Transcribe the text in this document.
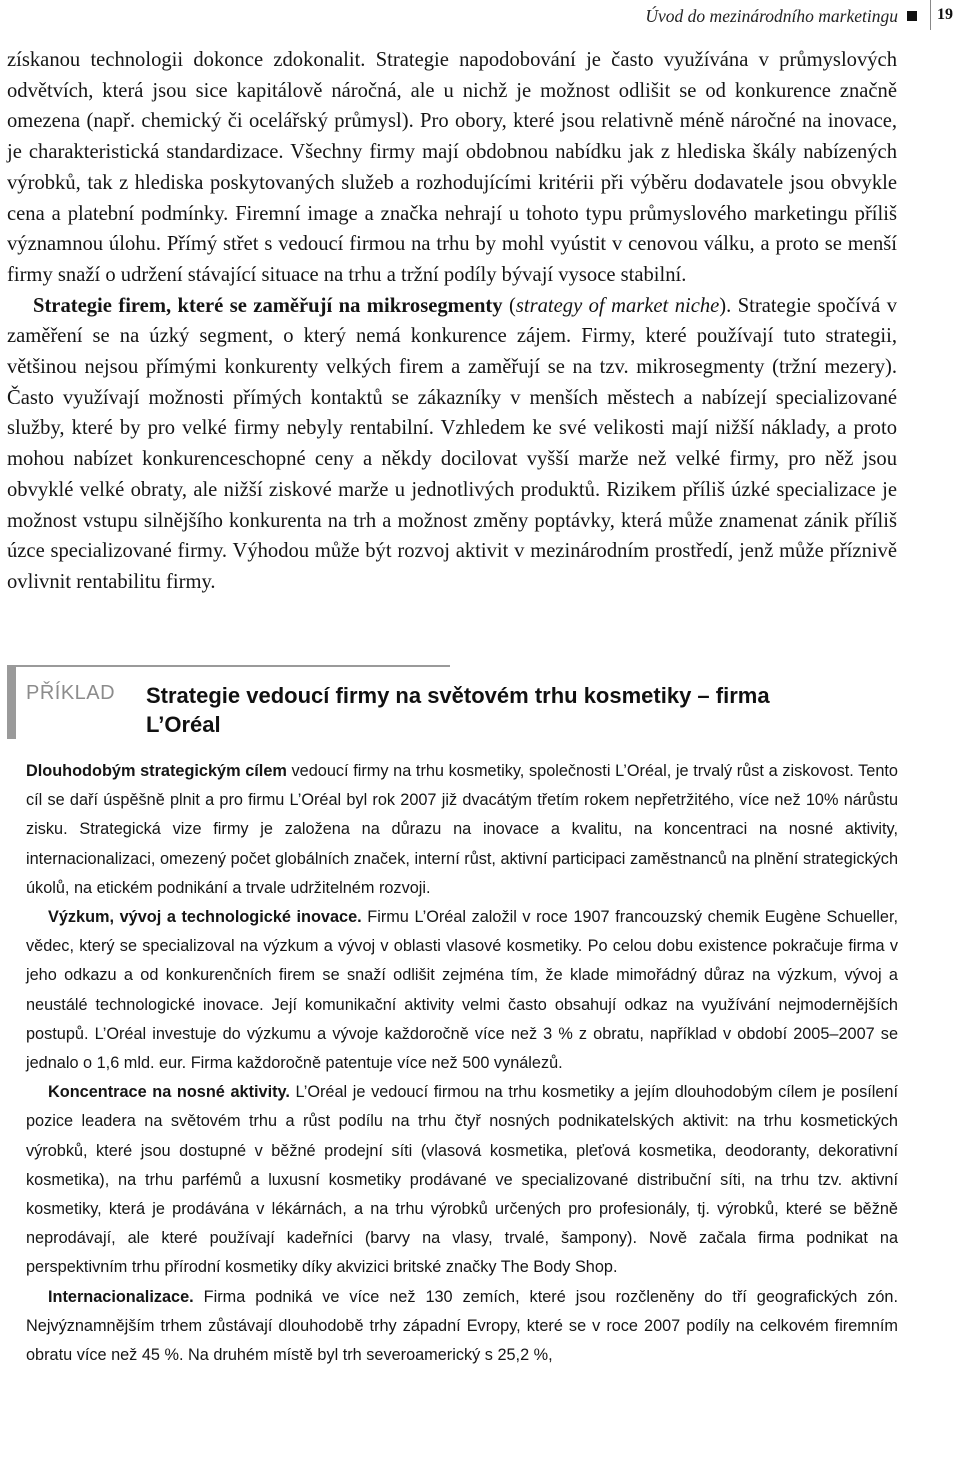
Úvod do mezinárodního marketingu 19

získanou technologii dokonce zdokonalit. Strategie napodobování je často využívána v průmyslových odvětvích, která jsou sice kapitálově náročná, ale u nichž je možnost odlišit se od konkurence značně omezena (např. chemický či ocelářský průmysl). Pro obory, které jsou relativně méně náročné na inovace, je charakteristická standardizace. Všechny firmy mají obdobnou nabídku jak z hlediska škály nabízených výrobků, tak z hlediska poskytovaných služeb a rozhodujícími kritérii při výběru dodavatele jsou obvykle cena a platební podmínky. Firemní image a značka nehrají u tohoto typu průmyslového marketingu příliš významnou úlohu. Přímý střet s vedoucí firmou na trhu by mohl vyústit v cenovou válku, a proto se menší firmy snaží o udržení stávající situace na trhu a tržní podíly bývají vysoce stabilní.

Strategie firem, které se zaměřují na mikrosegmenty (strategy of market niche). Strategie spočívá v zaměření se na úzký segment, o který nemá konkurence zájem. Firmy, které používají tuto strategii, většinou nejsou přímými konkurenty velkých firem a zaměřují se na tzv. mikrosegmenty (tržní mezery). Často využívají možnosti přímých kontaktů se zákazníky v menších městech a nabízejí specializované služby, které by pro velké firmy nebyly rentabilní. Vzhledem ke své velikosti mají nižší náklady, a proto mohou nabízet konkurenceschopné ceny a někdy docilovat vyšší marže než velké firmy, pro něž jsou obvyklé velké obraty, ale nižší ziskové marže u jednotlivých produktů. Rizikem příliš úzké specializace je možnost vstupu silnějšího konkurenta na trh a možnost změny poptávky, která může znamenat zánik příliš úzce specializované firmy. Výhodou může být rozvoj aktivit v mezinárodním prostředí, jenž může příznivě ovlivnit rentabilitu firmy.

PŘÍKLAD Strategie vedoucí firmy na světovém trhu kosmetiky – firma L’Oréal

Dlouhodobým strategickým cílem vedoucí firmy na trhu kosmetiky, společnosti L’Oréal, je trvalý růst a ziskovost. Tento cíl se daří úspěšně plnit a pro firmu L’Oréal byl rok 2007 již dvacátým třetím rokem nepřetržitého, více než 10% nárůstu zisku. Strategická vize firmy je založena na důrazu na inovace a kvalitu, na koncentraci na nosné aktivity, internacionalizaci, omezený počet globálních značek, interní růst, aktivní participaci zaměstnanců na plnění strategických úkolů, na etickém podnikání a trvale udržitelném rozvoji.

Výzkum, vývoj a technologické inovace. Firmu L’Oréal založil v roce 1907 francouzský chemik Eugène Schueller, vědec, který se specializoval na výzkum a vývoj v oblasti vlasové kosmetiky. Po celou dobu existence pokračuje firma v jeho odkazu a od konkurenčních firem se snaží odlišit zejména tím, že klade mimořádný důraz na výzkum, vývoj a neustálé technologické inovace. Její komunikační aktivity velmi často obsahují odkaz na využívání nejmodernějších postupů. L’Oréal investuje do výzkumu a vývoje každoročně více než 3 % z obratu, například v období 2005–2007 se jednalo o 1,6 mld. eur. Firma každoročně patentuje více než 500 vynálezů.

Koncentrace na nosné aktivity. L’Oréal je vedoucí firmou na trhu kosmetiky a jejím dlouhodobým cílem je posílení pozice leadera na světovém trhu a růst podílu na trhu čtyř nosných podnikatelských aktivit: na trhu kosmetických výrobků, které jsou dostupné v běžné prodejní síti (vlasová kosmetika, pleťová kosmetika, deodoranty, dekorativní kosmetika), na trhu parfémů a luxusní kosmetiky prodávané ve specializované distribuční síti, na trhu tzv. aktivní kosmetiky, která je prodávána v lékárnách, a na trhu výrobků určených pro profesionály, tj. výrobků, které se běžně neprodávají, ale které používají kadeřníci (barvy na vlasy, trvalé, šampony). Nově začala firma podnikat na perspektivním trhu přírodní kosmetiky díky akvizici britské značky The Body Shop.

Internacionalizace. Firma podniká ve více než 130 zemích, které jsou rozčleněny do tří geografických zón. Nejvýznamnějším trhem zůstávají dlouhodobě trhy západní Evropy, které se v roce 2007 podíly na celkovém firemním obratu více než 45 %. Na druhém místě byl trh severoamerický s 25,2 %,
